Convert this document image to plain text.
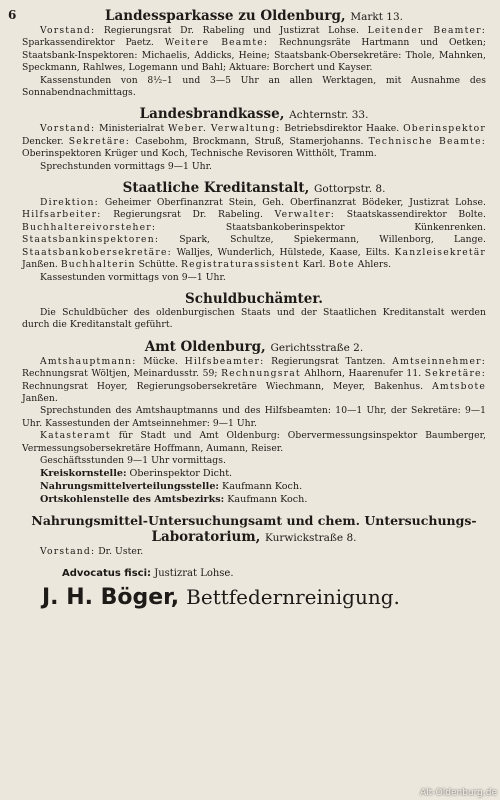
6	Landessparkasse zu Oldenburg, Markt 13.

Vorstand: Regierungsrat Dr. Rabeling und Justizrat Lohse. Leitender Beamter: Sparkassendirektor Paetz. Weitere Beamte: Rechnungsräte Hartmann und Oetken; Staatsbank-Inspektoren: Michaelis, Addicks, Heine; Staatsbank-Obersekretäre: Thole, Mahnken, Speckmann, Rahlwes, Logemann und Bahl; Aktuare: Borchert und Kayser.

Kassenstunden von 8½–1 und 3—5 Uhr an allen Werktagen, mit Ausnahme des Sonnabendnachmittags.

Landesbrandkasse, Achternstr. 33.

Vorstand: Ministerialrat Weber. Verwaltung: Betriebsdirektor Haake. Oberinspektor Dencker. Sekretäre: Casebohm, Brockmann, Struß, Stamerjohanns. Technische Beamte: Oberinspektoren Krüger und Koch, Technische Revisoren Witthölt, Tramm.

Sprechstunden vormittags 9—1 Uhr.

Staatliche Kreditanstalt, Gottorpstr. 8.

Direktion: Geheimer Oberfinanzrat Stein, Geh. Oberfinanzrat Bödeker, Justizrat Lohse. Hilfsarbeiter: Regierungsrat Dr. Rabeling. Verwalter: Staatskassendirektor Bolte. Buchhaltereivorsteher: Staatsbankoberinspektor Künkenrenken. Staatsbankinspektoren: Spark, Schultze, Spiekermann, Willenborg, Lange. Staatsbankobersekretäre: Walljes, Wunderlich, Hülstede, Kaase, Eilts. Kanzleisekretär Janßen. Buchhalterin Schütte. Registraturassistent Karl. Bote Ahlers.

Kassestunden vormittags von 9—1 Uhr.

Schuldbuchämter.

Die Schuldbücher des oldenburgischen Staats und der Staatlichen Kreditanstalt werden durch die Kreditanstalt geführt.

Amt Oldenburg, Gerichtsstraße 2.

Amtshauptmann: Mücke. Hilfsbeamter: Regierungsrat Tantzen. Amtseinnehmer: Rechnungsrat Wöltjen, Meinardusstr. 59; Rechnungsrat Ahlhorn, Haarenufer 11. Sekretäre: Rechnungsrat Hoyer, Regierungsobersekretäre Wiechmann, Meyer, Bakenhus. Amtsbote Janßen.

Sprechstunden des Amtshauptmanns und des Hilfsbeamten: 10—1 Uhr, der Sekretäre: 9—1 Uhr. Kassestunden der Amtseinnehmer: 9—1 Uhr.

Katasteramt für Stadt und Amt Oldenburg: Obervermessungsinspektor Baumberger, Vermessungsobersekretäre Hoffmann, Aumann, Reiser.

Geschäftsstunden 9—1 Uhr vormittags.

Kreiskornstelle: Oberinspektor Dicht.

Nahrungsmittelverteilungsstelle: Kaufmann Koch.

Ortskohlenstelle des Amtsbezirks: Kaufmann Koch.

Nahrungsmittel-Untersuchungsamt und chem. Untersuchungs-
Laboratorium, Kurwickstraße 8.

Vorstand: Dr. Uster.

Advocatus fisci: Justizrat Lohse.

J. H. Böger, Bettfedernreinigung.
Alt-Oldenburg.de
